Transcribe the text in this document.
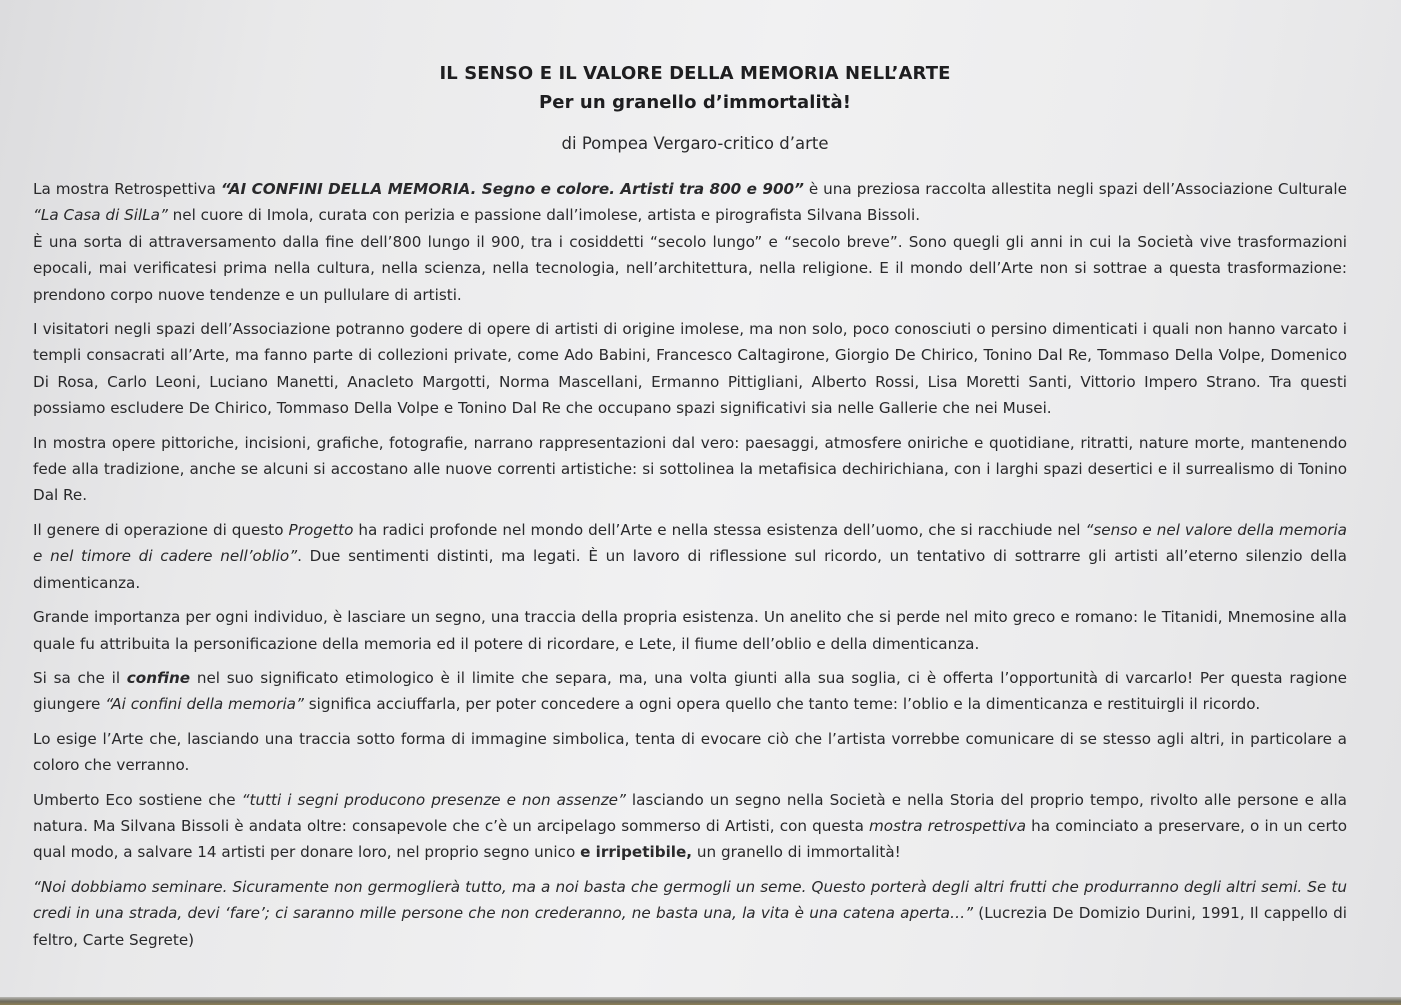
IL SENSO E IL VALORE DELLA MEMORIA NELL’ARTE
Per un granello d’immortalità!
di Pompea Vergaro-critico d’arte

La mostra Retrospettiva “AI CONFINI DELLA MEMORIA. Segno e colore. Artisti tra 800 e 900” è una preziosa raccolta allestita negli spazi dell’Associazione Culturale “La Casa di SilLa” nel cuore di Imola, curata con perizia e passione dall’imolese, artista e pirografista Silvana Bissoli.
È una sorta di attraversamento dalla fine dell’800 lungo il 900, tra i cosiddetti “secolo lungo” e “secolo breve”. Sono quegli gli anni in cui la Società vive trasformazioni epocali, mai verificatesi prima nella cultura, nella scienza, nella tecnologia, nell’architettura, nella religione. E il mondo dell’Arte non si sottrae a questa trasformazione: prendono corpo nuove tendenze e un pullulare di artisti.

I visitatori negli spazi dell’Associazione potranno godere di opere di artisti di origine imolese, ma non solo, poco conosciuti o persino dimenticati i quali non hanno varcato i templi consacrati all’Arte, ma fanno parte di collezioni private, come Ado Babini, Francesco Caltagirone, Giorgio De Chirico, Tonino Dal Re, Tommaso Della Volpe, Domenico Di Rosa, Carlo Leoni, Luciano Manetti, Anacleto Margotti, Norma Mascellani, Ermanno Pittigliani, Alberto Rossi, Lisa Moretti Santi, Vittorio Impero Strano. Tra questi possiamo escludere De Chirico, Tommaso Della Volpe e Tonino Dal Re che occupano spazi significativi sia nelle Gallerie che nei Musei.

In mostra opere pittoriche, incisioni, grafiche, fotografie, narrano rappresentazioni dal vero: paesaggi, atmosfere oniriche e quotidiane, ritratti, nature morte, mantenendo fede alla tradizione, anche se alcuni si accostano alle nuove correnti artistiche: si sottolinea la metafisica dechirichiana, con i larghi spazi desertici e il surrealismo di Tonino Dal Re.

Il genere di operazione di questo Progetto ha radici profonde nel mondo dell’Arte e nella stessa esistenza dell’uomo, che si racchiude nel “senso e nel valore della memoria e nel timore di cadere nell’oblio”. Due sentimenti distinti, ma legati. È un lavoro di riflessione sul ricordo, un tentativo di sottrarre gli artisti all’eterno silenzio della dimenticanza.

Grande importanza per ogni individuo, è lasciare un segno, una traccia della propria esistenza. Un anelito che si perde nel mito greco e romano: le Titanidi, Mnemosine alla quale fu attribuita la personificazione della memoria ed il potere di ricordare, e Lete, il fiume dell’oblio e della dimenticanza.

Si sa che il confine nel suo significato etimologico è il limite che separa, ma, una volta giunti alla sua soglia, ci è offerta l’opportunità di varcarlo! Per questa ragione giungere “Ai confini della memoria” significa acciuffarla, per poter concedere a ogni opera quello che tanto teme: l’oblio e la dimenticanza e restituirgli il ricordo.

Lo esige l’Arte che, lasciando una traccia sotto forma di immagine simbolica, tenta di evocare ciò che l’artista vorrebbe comunicare di se stesso agli altri, in particolare a coloro che verranno.

Umberto Eco sostiene che “tutti i segni producono presenze e non assenze” lasciando un segno nella Società e nella Storia del proprio tempo, rivolto alle persone e alla natura. Ma Silvana Bissoli è andata oltre: consapevole che c’è un arcipelago sommerso di Artisti, con questa mostra retrospettiva ha cominciato a preservare, o in un certo qual modo, a salvare 14 artisti per donare loro, nel proprio segno unico e irripetibile, un granello di immortalità!

“Noi dobbiamo seminare. Sicuramente non germoglierà tutto, ma a noi basta che germogli un seme. Questo porterà degli altri frutti che produrranno degli altri semi. Se tu credi in una strada, devi ‘fare’; ci saranno mille persone che non crederanno, ne basta una, la vita è una catena aperta…” (Lucrezia De Domizio Durini, 1991, Il cappello di feltro, Carte Segrete)
